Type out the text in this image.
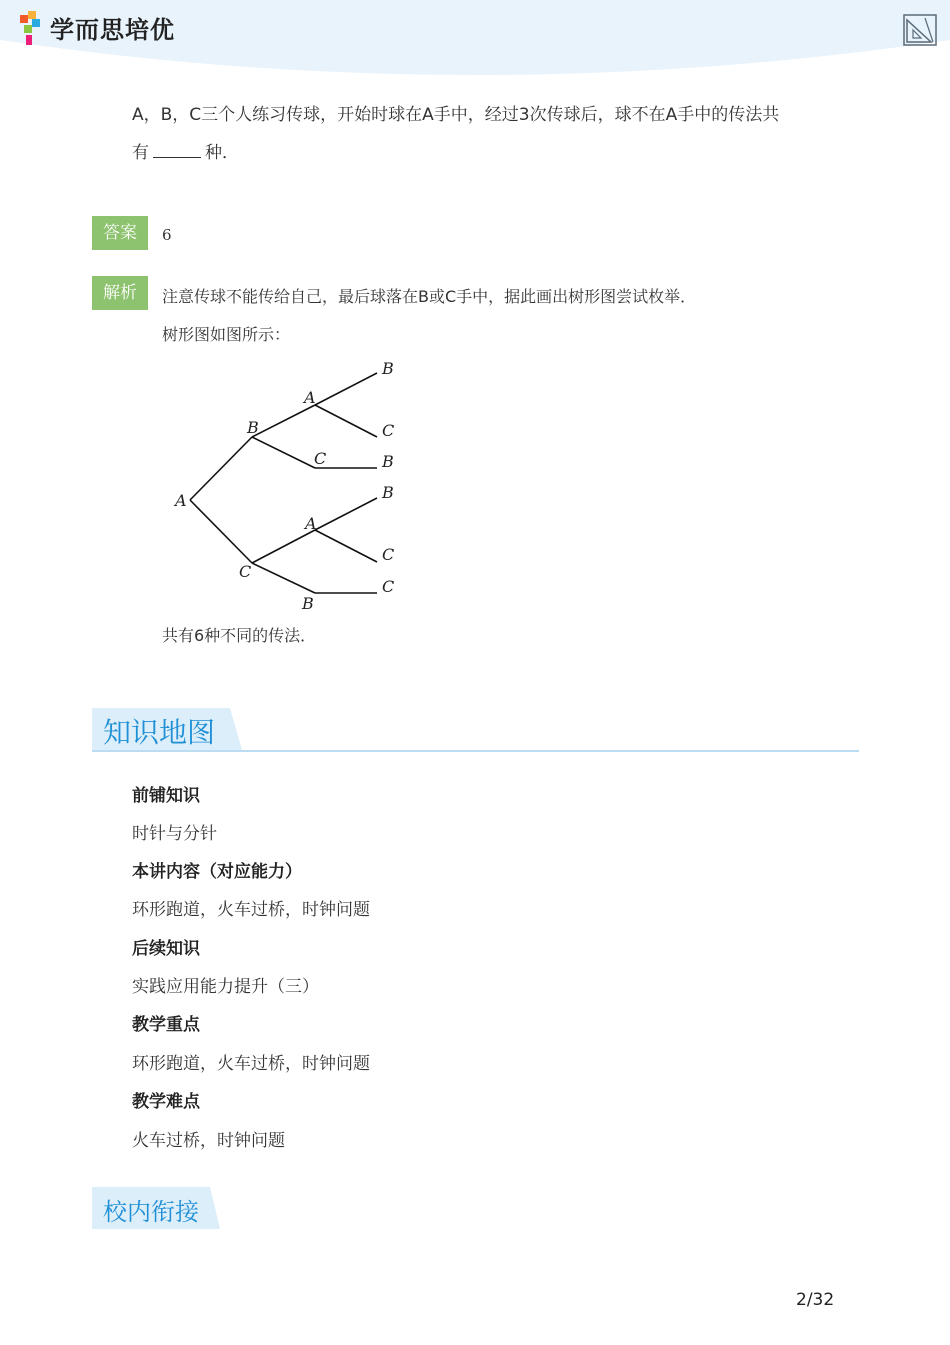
学而思培优
A，B，C三个人练习传球，开始时球在A手中，经过3次传球后，球不在A手中的传法共
有	种．
答案	6
解析	注意传球不能传给自己，最后球落在B或C手中，据此画出树形图尝试枚举．
树形图如图所示：
A
B
C
A
C
A
B
B
C
B
B
C
C
共有6种不同的传法．
知识地图
前铺知识
时针与分针
本讲内容（对应能力）
环形跑道，火车过桥，时钟问题
后续知识
实践应用能力提升（三）
教学重点
环形跑道，火车过桥，时钟问题
教学难点
火车过桥，时钟问题
校内衔接
2/32
